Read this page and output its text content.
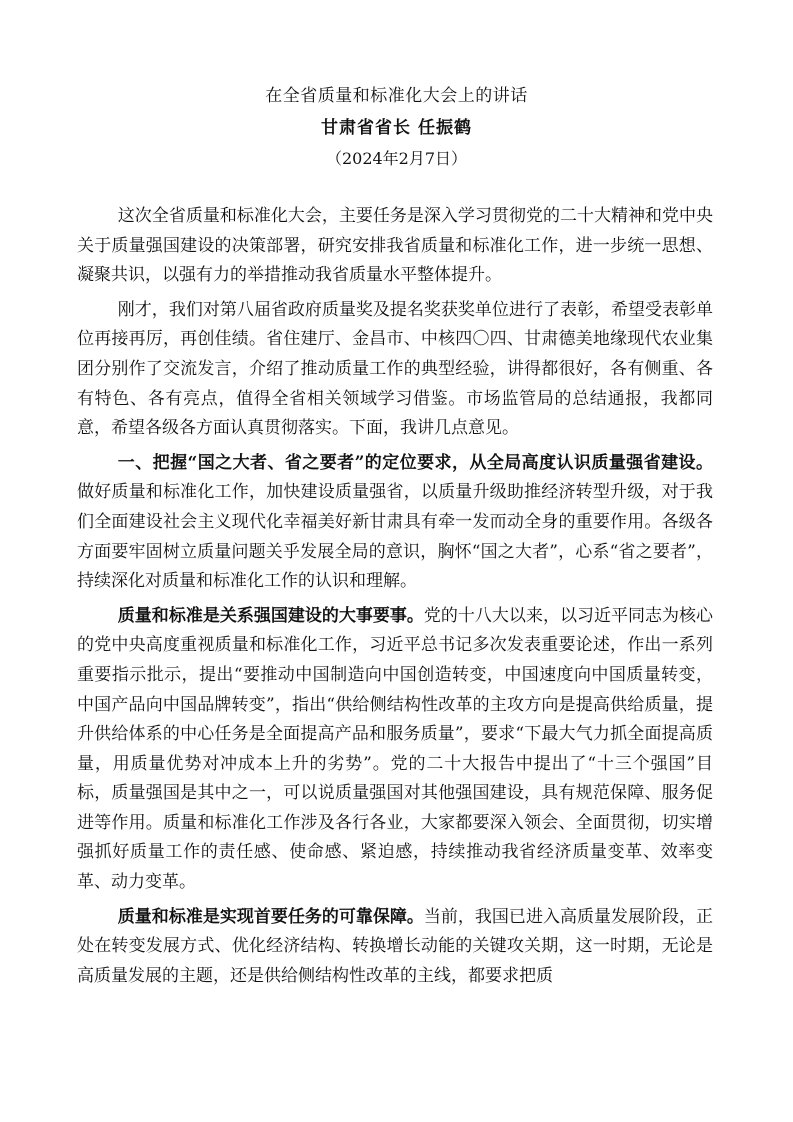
在全省质量和标准化大会上的讲话
甘肃省省长 任振鹤
（2024年2月7日）

这次全省质量和标准化大会，主要任务是深入学习贯彻党的二十大精神和党中央关于质量强国建设的决策部署，研究安排我省质量和标准化工作，进一步统一思想、凝聚共识，以强有力的举措推动我省质量水平整体提升。

刚才，我们对第八届省政府质量奖及提名奖获奖单位进行了表彰，希望受表彰单位再接再厉，再创佳绩。省住建厅、金昌市、中核四〇四、甘肃德美地缘现代农业集团分别作了交流发言，介绍了推动质量工作的典型经验，讲得都很好，各有侧重、各有特色、各有亮点，值得全省相关领域学习借鉴。市场监管局的总结通报，我都同意，希望各级各方面认真贯彻落实。下面，我讲几点意见。

一、把握“国之大者、省之要者”的定位要求，从全局高度认识质量强省建设。做好质量和标准化工作，加快建设质量强省，以质量升级助推经济转型升级，对于我们全面建设社会主义现代化幸福美好新甘肃具有牵一发而动全身的重要作用。各级各方面要牢固树立质量问题关乎发展全局的意识，胸怀“国之大者”，心系“省之要者”，持续深化对质量和标准化工作的认识和理解。

质量和标准是关系强国建设的大事要事。党的十八大以来，以习近平同志为核心的党中央高度重视质量和标准化工作，习近平总书记多次发表重要论述，作出一系列重要指示批示，提出“要推动中国制造向中国创造转变，中国速度向中国质量转变，中国产品向中国品牌转变”，指出“供给侧结构性改革的主攻方向是提高供给质量，提升供给体系的中心任务是全面提高产品和服务质量”，要求“下最大气力抓全面提高质量，用质量优势对冲成本上升的劣势”。党的二十大报告中提出了“十三个强国”目标，质量强国是其中之一，可以说质量强国对其他强国建设，具有规范保障、服务促进等作用。质量和标准化工作涉及各行各业，大家都要深入领会、全面贯彻，切实增强抓好质量工作的责任感、使命感、紧迫感，持续推动我省经济质量变革、效率变革、动力变革。

质量和标准是实现首要任务的可靠保障。当前，我国已进入高质量发展阶段，正处在转变发展方式、优化经济结构、转换增长动能的关键攻关期，这一时期，无论是高质量发展的主题，还是供给侧结构性改革的主线，都要求把质
